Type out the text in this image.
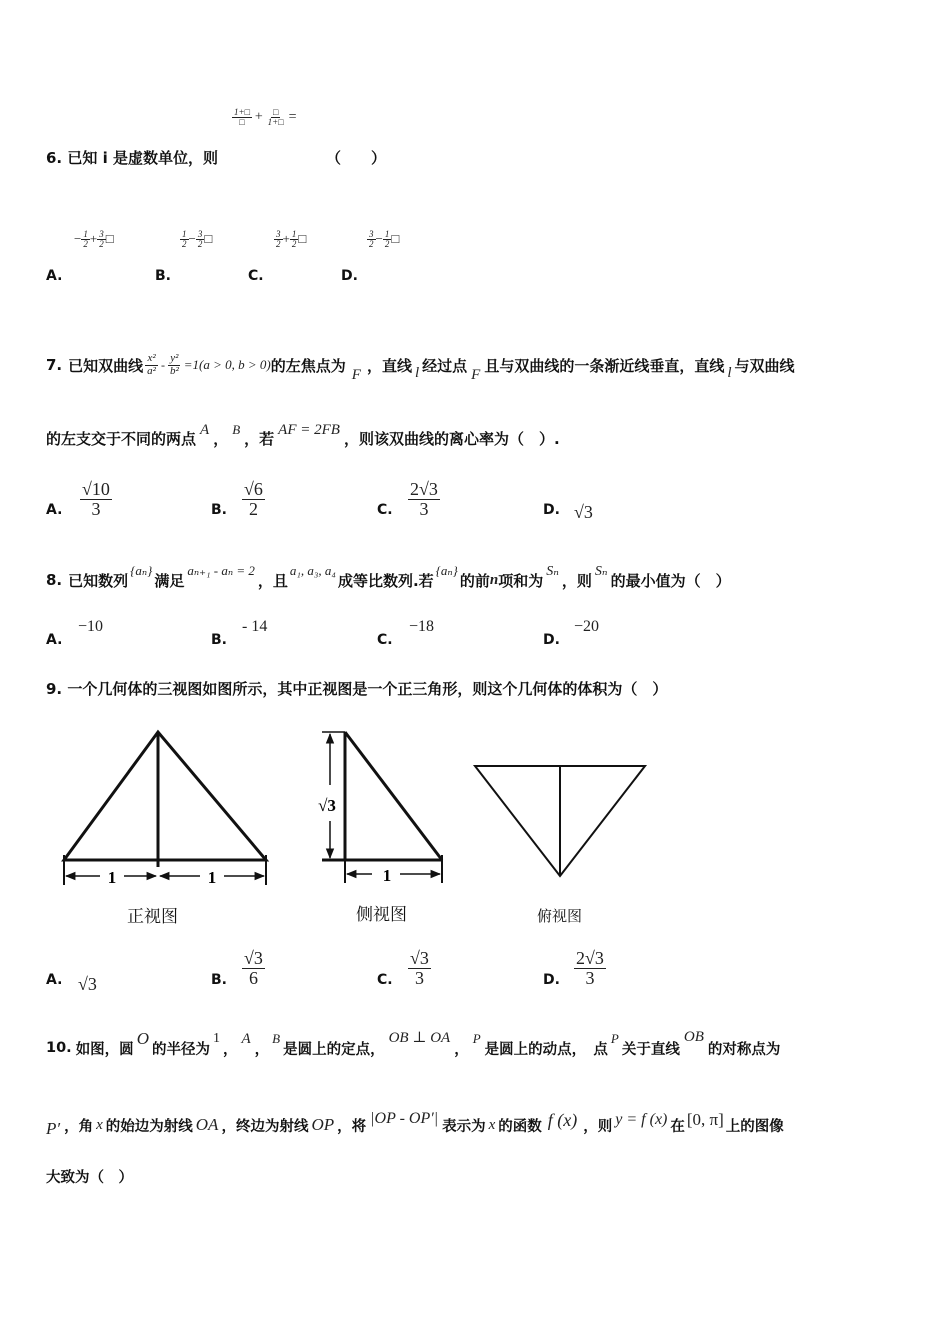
$\frac{1+□}{□} + \frac{□}{1+□}$ =
6. 已知 i 是虚数单位，则	（　　）
− $\frac{1}{2} + \frac{3}{2}$ □	$\frac{1}{2} - \frac{3}{2}$ □	$\frac{3}{2} + \frac{1}{2}$ □	$\frac{3}{2} - \frac{1}{2}$ □
A.	B.	C.	D.
7. 已知双曲线 $\frac{\text{x²}}{\text{a²}} - \frac{\text{y²}}{\text{b²}} =1(a > 0$, b > 0) 的左焦点为 F ，直线 l 经过点 F 且与双曲线的一条渐近线垂直，直线 l 与双曲线
的左支交于不同的两点 A ， B ，若 AF = 2FB ，则该双曲线的离心率为（　）.
A. $\frac{√10}{3}$	B. $\frac{√6}{2}$	C. $\frac{2√3}{3}$	D. √3
8. 已知数列
{aₙ}
满足
aₙ₊₁ - aₙ = 2
，且
a₁, a₃, a₄
成等比数列.若
{aₙ}
的前 n 项和为
Sₙ
，则
Sₙ
的最小值为（　）
A.
−10
B.
- 14
C.
−18
D.
−20
9. 一个几何体的三视图如图所示，其中正视图是一个正三角形，则这个几何体的体积为（　）
1	1
√3
1
正视图	侧视图	俯视图
A. √3	B. $\frac{√3}{6}$	C. $\frac{√3}{3}$	D. $\frac{2√3}{3}$
10. 如图，圆
O
的半径为
1
，
A
，
B
是圆上的定点，
OB ⊥ OA
，
P
是圆上的动点，　点
P
关于直线
OB
的对称点为
P′ ，角 x 的始边为射线 OA ，终边为射线 OP ，将 |OP - OP′| 表示为 x 的函数 f (x) ，则 y = f (x) 在 [0, π] 上的图像
大致为（　）
